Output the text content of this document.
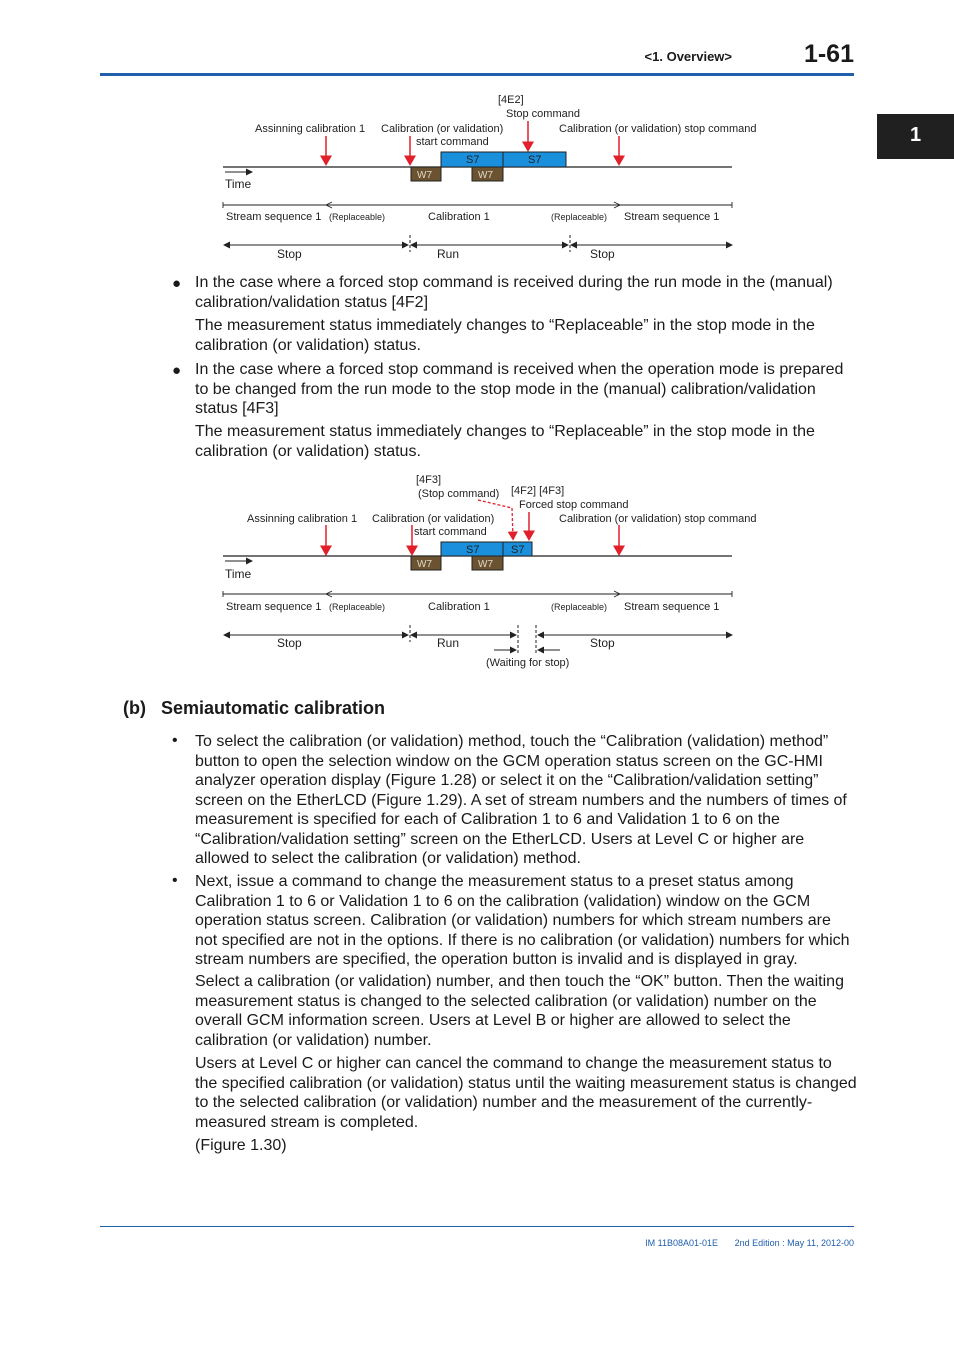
<1. Overview>	1-61
1
[4E2]
Stop command
Assinning calibration 1 Calibration (or validation)
start command
Calibration (or validation) stop command
S7	S7
W7	W7
Time
Stream sequence 1 (Replaceable)	Calibration 1	(Replaceable) Stream sequence 1
Stop	Run	Stop
● In the case where a forced stop command is received during the run mode in the (manual) calibration/validation status [4F2]
The measurement status immediately changes to “Replaceable” in the stop mode in the calibration (or validation) status.
● In the case where a forced stop command is received when the operation mode is prepared to be changed from the run mode to the stop mode in the (manual) calibration/validation status [4F3]
The measurement status immediately changes to “Replaceable” in the stop mode in the calibration (or validation) status.
[4F3]
(Stop command) [4F2] [4F3]
Forced stop command
Assinning calibration 1 Calibration (or validation)
start command
Calibration (or validation) stop command
S7	S7
W7	W7
Time
Stream sequence 1 (Replaceable)	Calibration 1	(Replaceable) Stream sequence 1
Stop	Run	Stop
(Waiting for stop)
(b)   Semiautomatic calibration
• To select the calibration (or validation) method, touch the “Calibration (validation) method” button to open the selection window on the GCM operation status screen on the GC-HMI analyzer operation display (Figure 1.28) or select it on the “Calibration/validation setting” screen on the EtherLCD (Figure 1.29). A set of stream numbers and the numbers of times of measurement is specified for each of Calibration 1 to 6 and Validation 1 to 6 on the “Calibration/validation setting” screen on the EtherLCD. Users at Level C or higher are allowed to select the calibration (or validation) method.
• Next, issue a command to change the measurement status to a preset status among Calibration 1 to 6 or Validation 1 to 6 on the calibration (validation) window on the GCM operation status screen. Calibration (or validation) numbers for which stream numbers are not specified are not in the options. If there is no calibration (or validation) numbers for which stream numbers are specified, the operation button is invalid and is displayed in gray.
Select a calibration (or validation) number, and then touch the “OK” button. Then the waiting measurement status is changed to the selected calibration (or validation) number on the overall GCM information screen. Users at Level B or higher are allowed to select the calibration (or validation) number.
Users at Level C or higher can cancel the command to change the measurement status to the specified calibration (or validation) status until the waiting measurement status is changed to the selected calibration (or validation) number and the measurement of the currently-measured stream is completed.
(Figure 1.30)
IM 11B08A01-01E 2nd Edition : May 11, 2012-00
